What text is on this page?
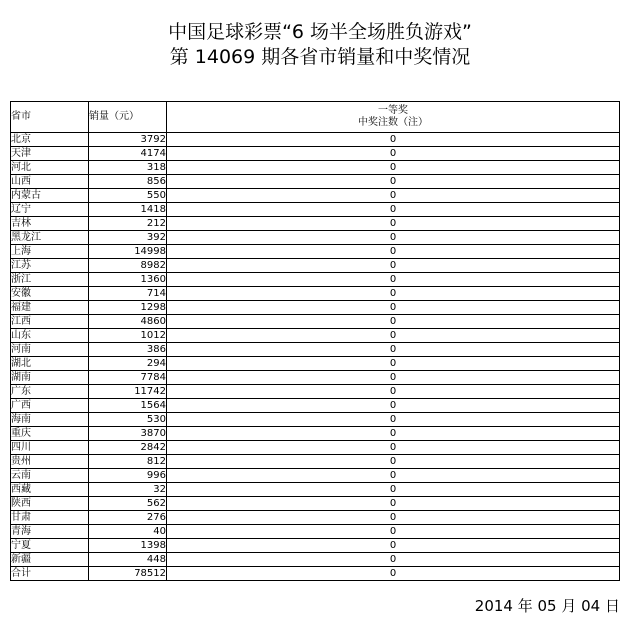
中国足球彩票“6 场半全场胜负游戏”
第 14069 期各省市销量和中奖情况
省市	销量（元）	一等奖
中奖注数（注）

北京	3792	0
天津	4174	0
河北	318	0
山西	856	0
内蒙古	550	0
辽宁	1418	0
吉林	212	0
黑龙江	392	0
上海	14998	0
江苏	8982	0
浙江	1360	0
安徽	714	0
福建	1298	0
江西	4860	0
山东	1012	0
河南	386	0
湖北	294	0
湖南	7784	0
广东	11742	0
广西	1564	0
海南	530	0
重庆	3870	0
四川	2842	0
贵州	812	0
云南	996	0
西藏	32	0
陕西	562	0
甘肃	276	0
青海	40	0
宁夏	1398	0
新疆	448	0
合计	78512	0
2014 年 05 月 04 日
